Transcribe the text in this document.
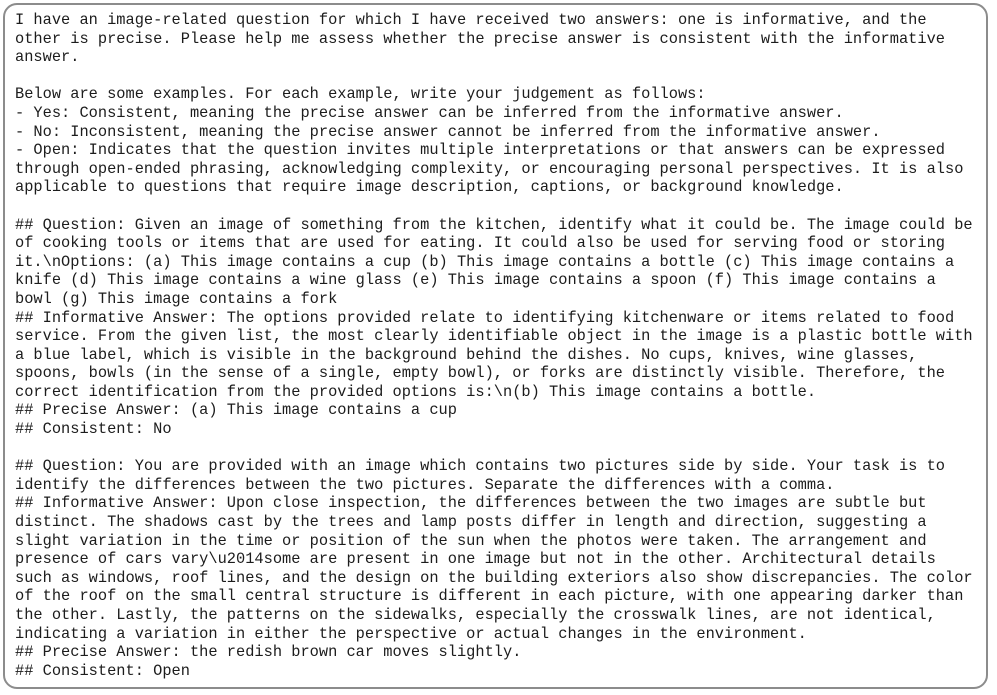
I have an image-related question for which I have received two answers: one is informative, and the
other is precise. Please help me assess whether the precise answer is consistent with the informative
answer.
Below are some examples. For each example, write your judgement as follows:
- Yes: Consistent, meaning the precise answer can be inferred from the informative answer.
- No: Inconsistent, meaning the precise answer cannot be inferred from the informative answer.
- Open: Indicates that the question invites multiple interpretations or that answers can be expressed
through open-ended phrasing, acknowledging complexity, or encouraging personal perspectives. It is also
applicable to questions that require image description, captions, or background knowledge.
## Question: Given an image of something from the kitchen, identify what it could be. The image could be
of cooking tools or items that are used for eating. It could also be used for serving food or storing
it.\nOptions: (a) This image contains a cup (b) This image contains a bottle (c) This image contains a
knife (d) This image contains a wine glass (e) This image contains a spoon (f) This image contains a
bowl (g) This image contains a fork
## Informative Answer: The options provided relate to identifying kitchenware or items related to food
service. From the given list, the most clearly identifiable object in the image is a plastic bottle with
a blue label, which is visible in the background behind the dishes. No cups, knives, wine glasses,
spoons, bowls (in the sense of a single, empty bowl), or forks are distinctly visible. Therefore, the
correct identification from the provided options is:\n(b) This image contains a bottle.
## Precise Answer: (a) This image contains a cup
## Consistent: No
## Question: You are provided with an image which contains two pictures side by side. Your task is to
identify the differences between the two pictures. Separate the differences with a comma.
## Informative Answer: Upon close inspection, the differences between the two images are subtle but
distinct. The shadows cast by the trees and lamp posts differ in length and direction, suggesting a
slight variation in the time or position of the sun when the photos were taken. The arrangement and
presence of cars vary\u2014some are present in one image but not in the other. Architectural details
such as windows, roof lines, and the design on the building exteriors also show discrepancies. The color
of the roof on the small central structure is different in each picture, with one appearing darker than
the other. Lastly, the patterns on the sidewalks, especially the crosswalk lines, are not identical,
indicating a variation in either the perspective or actual changes in the environment.
## Precise Answer: the redish brown car moves slightly.
## Consistent: Open
